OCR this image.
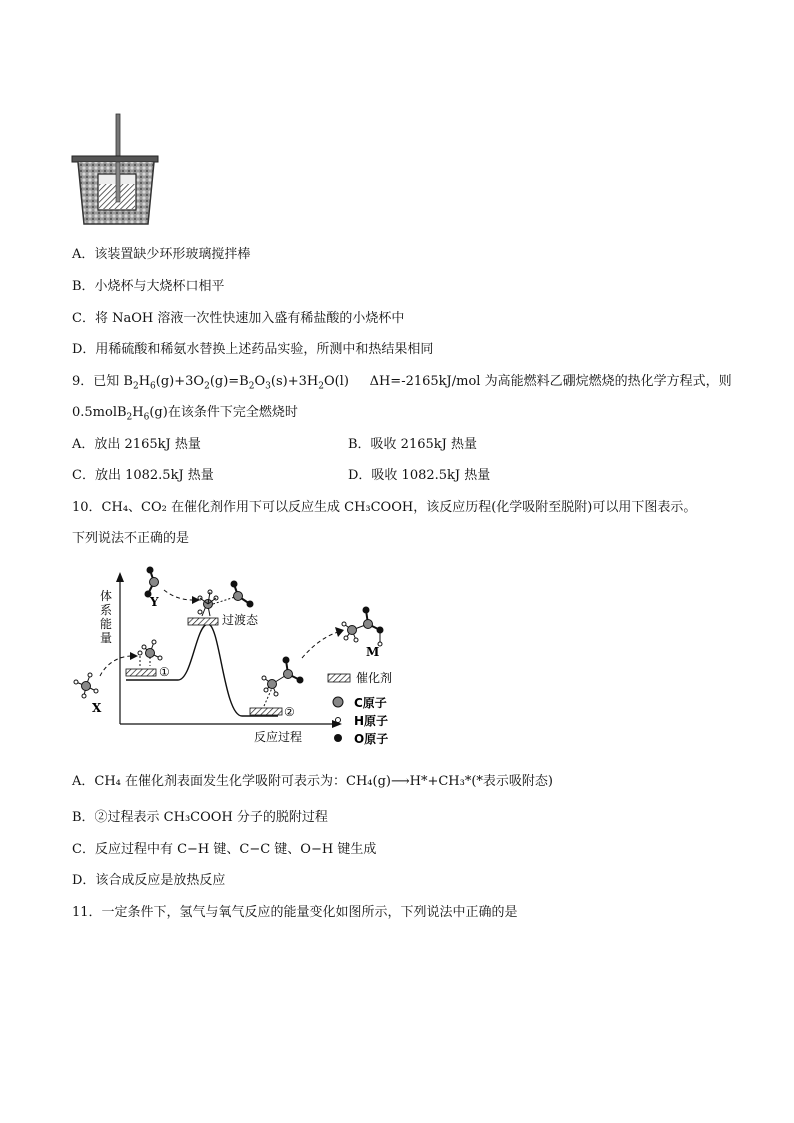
A．该装置缺少环形玻璃搅拌棒
B．小烧杯与大烧杯口相平
C．将 NaOH 溶液一次性快速加入盛有稀盐酸的小烧杯中
D．用稀硫酸和稀氨水替换上述药品实验，所测中和热结果相同
9．已知 $B_2H_6(g)+3O_2(g)=B_2O_3(s)+3H_2O(l)$ ΔH=-2165kJ/mol 为高能燃料乙硼烷燃烧的热化学方程式，则
$0.5molB_2H_6(g)$在该条件下完全燃烧时
A．放出 2165kJ 热量	B．吸收 2165kJ 热量
C．放出 1082.5kJ 热量	D．吸收 1082.5kJ 热量
10．CH₄、CO₂ 在催化剂作用下可以反应生成 CH₃COOH，该反应历程(化学吸附至脱附)可以用下图表示。
下列说法不正确的是
体
系
能
量
反应过程
①
过渡态
②
X
Y
M
催化剂
C原子
H原子
O原子
A．CH₄ 在催化剂表面发生化学吸附可表示为：CH₄(g)⟶H*+CH₃*(*表示吸附态)
B．②过程表示 CH₃COOH 分子的脱附过程
C．反应过程中有 C−H 键、C−C 键、O−H 键生成
D．该合成反应是放热反应
11．一定条件下，氢气与氧气反应的能量变化如图所示，下列说法中正确的是
